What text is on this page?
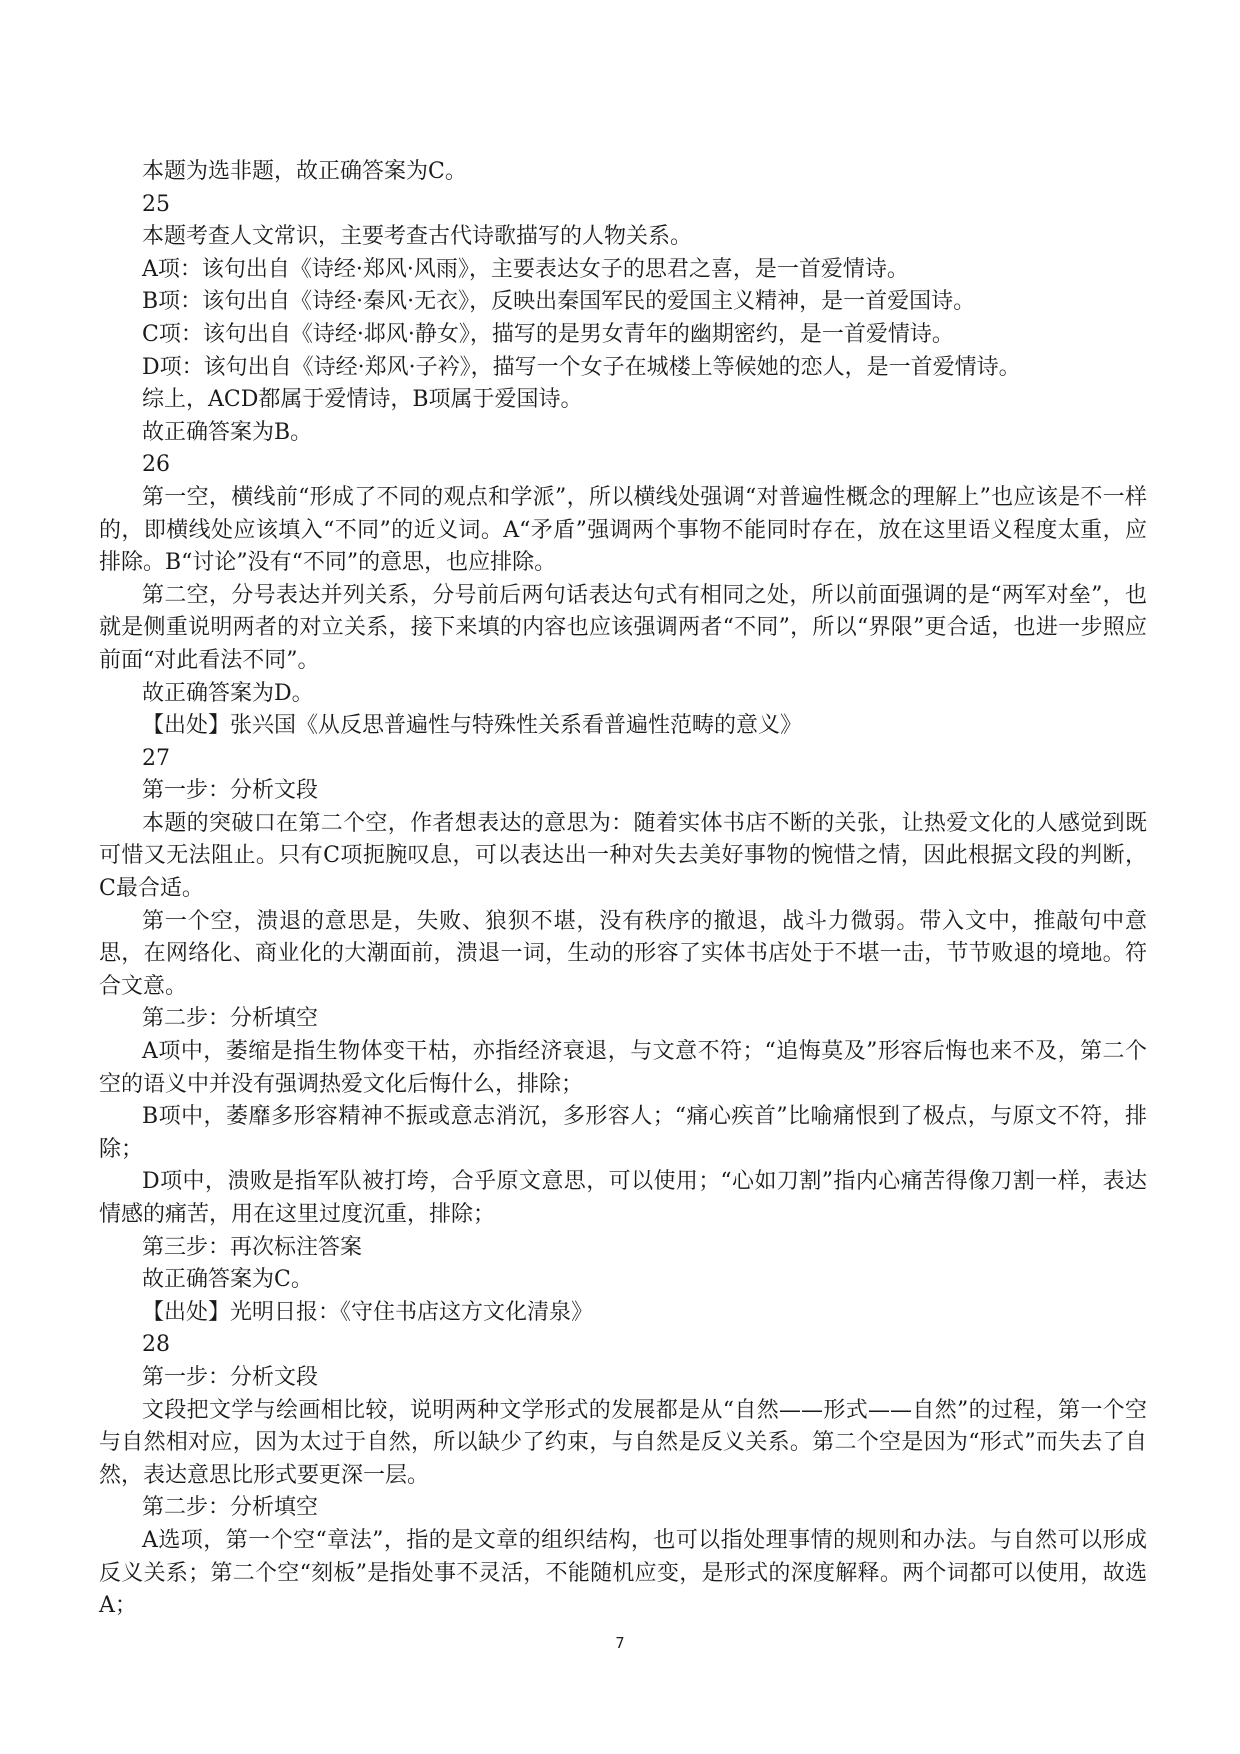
本题为选非题，故正确答案为C。

25

本题考查人文常识，主要考查古代诗歌描写的人物关系。

A项：该句出自《诗经·郑风·风雨》，主要表达女子的思君之喜，是一首爱情诗。

B项：该句出自《诗经·秦风·无衣》，反映出秦国军民的爱国主义精神，是一首爱国诗。

C项：该句出自《诗经·邶风·静女》，描写的是男女青年的幽期密约，是一首爱情诗。

D项：该句出自《诗经·郑风·子衿》，描写一个女子在城楼上等候她的恋人，是一首爱情诗。

综上，ACD都属于爱情诗，B项属于爱国诗。

故正确答案为B。

26

第一空，横线前“形成了不同的观点和学派”，所以横线处强调“对普遍性概念的理解上”也应该是不一样的，即横线处应该填入“不同”的近义词。A“矛盾”强调两个事物不能同时存在，放在这里语义程度太重，应排除。B“讨论”没有“不同”的意思，也应排除。

第二空，分号表达并列关系，分号前后两句话表达句式有相同之处，所以前面强调的是“两军对垒”，也就是侧重说明两者的对立关系，接下来填的内容也应该强调两者“不同”，所以“界限”更合适，也进一步照应前面“对此看法不同”。

故正确答案为D。

【出处】张兴国《从反思普遍性与特殊性关系看普遍性范畴的意义》

27

第一步：分析文段

本题的突破口在第二个空，作者想表达的意思为：随着实体书店不断的关张，让热爱文化的人感觉到既可惜又无法阻止。只有C项扼腕叹息，可以表达出一种对失去美好事物的惋惜之情，因此根据文段的判断， C最合适。

第一个空，溃退的意思是，失败、狼狈不堪，没有秩序的撤退，战斗力微弱。带入文中，推敲句中意思，在网络化、商业化的大潮面前，溃退一词，生动的形容了实体书店处于不堪一击，节节败退的境地。符合文意。

第二步：分析填空

A项中，萎缩是指生物体变干枯，亦指经济衰退，与文意不符；“追悔莫及”形容后悔也来不及，第二个空的语义中并没有强调热爱文化后悔什么，排除；

B项中，萎靡多形容精神不振或意志消沉，多形容人；“痛心疾首”比喻痛恨到了极点，与原文不符，排除；

D项中，溃败是指军队被打垮，合乎原文意思，可以使用；“心如刀割”指内心痛苦得像刀割一样，表达情感的痛苦，用在这里过度沉重，排除；

第三步：再次标注答案

故正确答案为C。

【出处】光明日报：《守住书店这方文化清泉》

28

第一步：分析文段

文段把文学与绘画相比较，说明两种文学形式的发展都是从“自然——形式——自然”的过程，第一个空与自然相对应，因为太过于自然，所以缺少了约束，与自然是反义关系。第二个空是因为“形式”而失去了自然，表达意思比形式要更深一层。

第二步：分析填空

A选项，第一个空“章法”，指的是文章的组织结构，也可以指处理事情的规则和办法。与自然可以形成反义关系；第二个空“刻板”是指处事不灵活，不能随机应变，是形式的深度解释。两个词都可以使用，故选A；

7
